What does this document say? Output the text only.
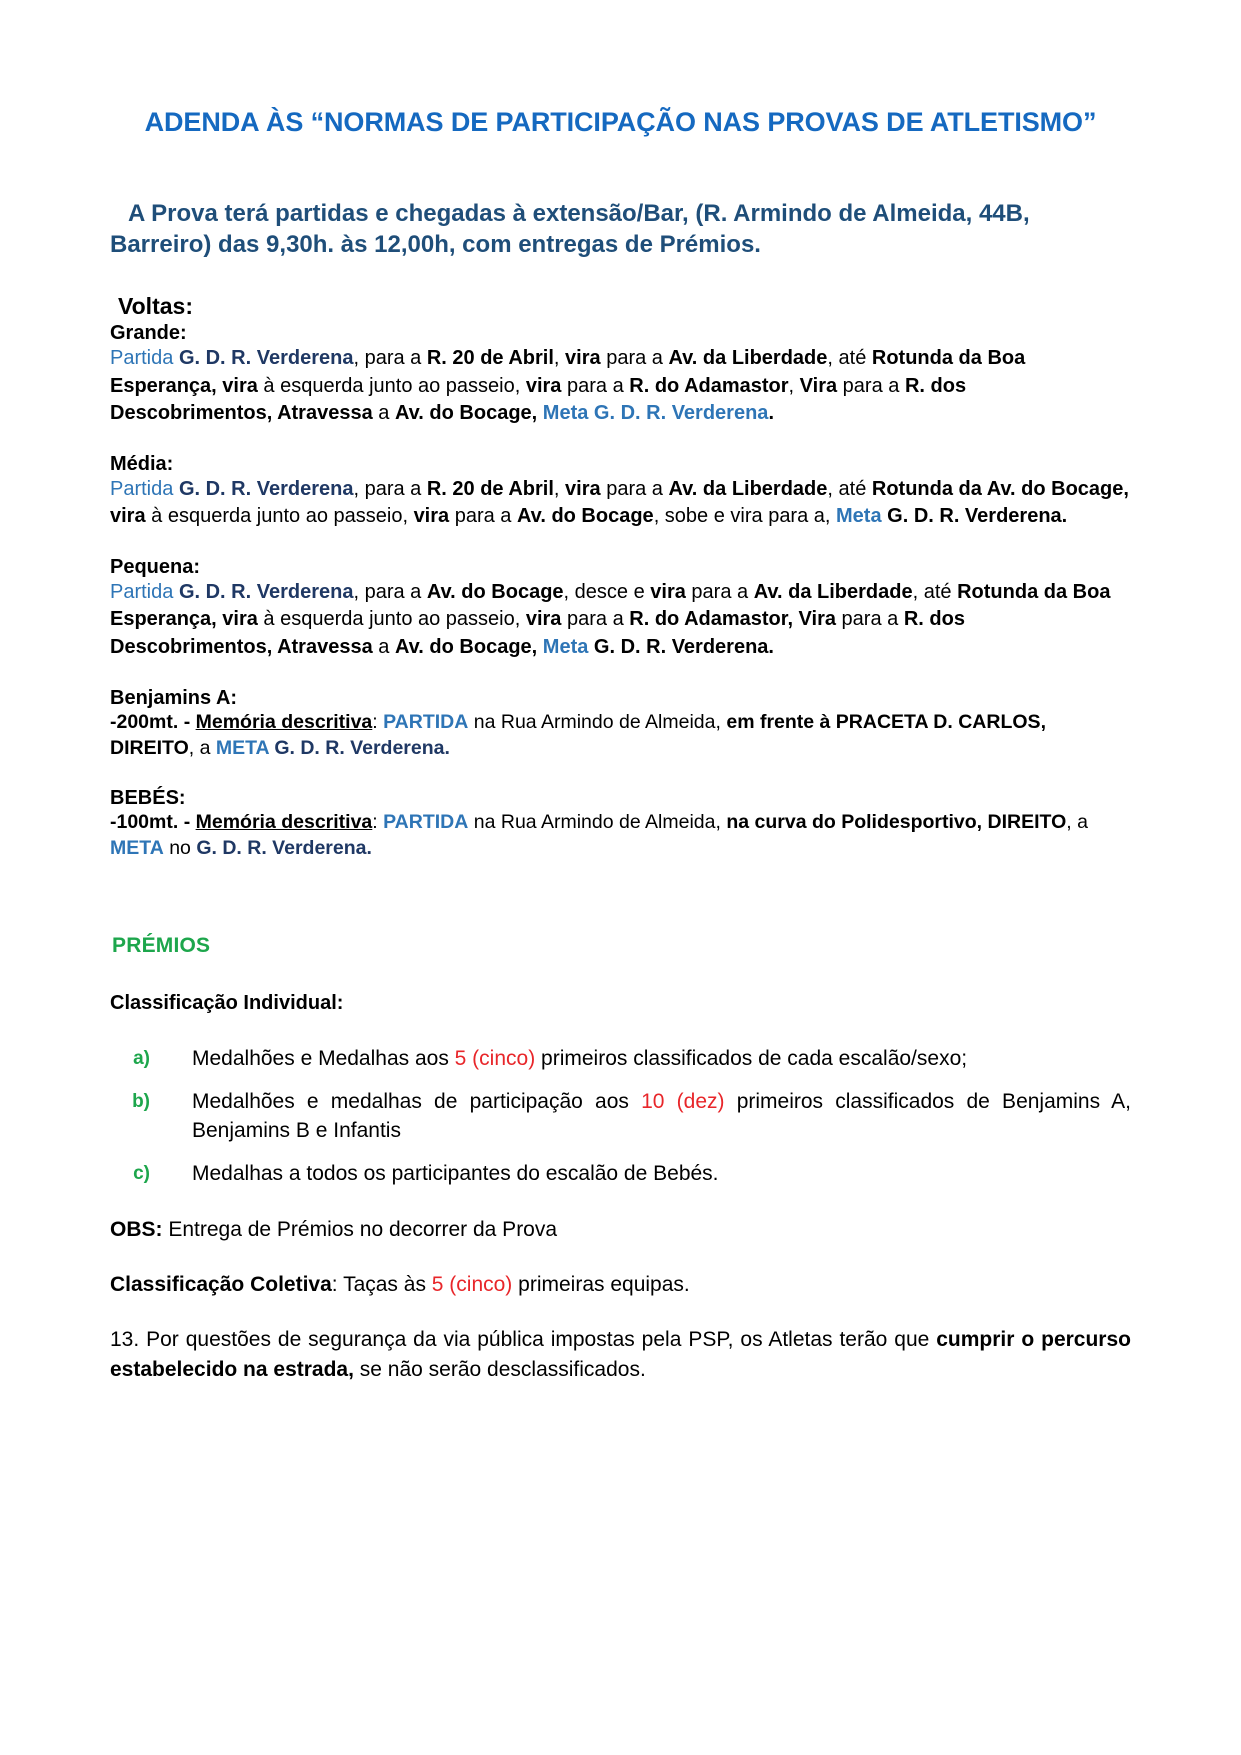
ADENDA ÀS “NORMAS DE PARTICIPAÇÃO NAS PROVAS DE ATLETISMO”

A Prova terá partidas e chegadas à extensão/Bar, (R. Armindo de Almeida, 44B, Barreiro) das 9,30h. às 12,00h, com entregas de Prémios.

Voltas:
Grande:

Partida G. D. R. Verderena, para a R. 20 de Abril, vira para a Av. da Liberdade, até Rotunda da Boa Esperança, vira à esquerda junto ao passeio, vira para a R. do Adamastor, Vira para a R. dos Descobrimentos, Atravessa a Av. do Bocage, Meta G. D. R. Verderena.

Média:

Partida G. D. R. Verderena, para a R. 20 de Abril, vira para a Av. da Liberdade, até Rotunda da Av. do Bocage, vira à esquerda junto ao passeio, vira para a Av. do Bocage, sobe e vira para a, Meta G. D. R. Verderena.

Pequena:

Partida G. D. R. Verderena, para a Av. do Bocage, desce e vira para a Av. da Liberdade, até Rotunda da Boa Esperança, vira à esquerda junto ao passeio, vira para a R. do Adamastor, Vira para a R. dos Descobrimentos, Atravessa a Av. do Bocage, Meta G. D. R. Verderena.

Benjamins A:

-200mt. - Memória descritiva: PARTIDA na Rua Armindo de Almeida, em frente à PRACETA D. CARLOS, DIREITO, a META G. D. R. Verderena.

BEBÉS:

-100mt. - Memória descritiva: PARTIDA na Rua Armindo de Almeida, na curva do Polidesportivo, DIREITO, a META no G. D. R. Verderena.

PRÉMIOS
Classificação Individual:
a) Medalhões e Medalhas aos 5 (cinco) primeiros classificados de cada escalão/sexo;
b) Medalhões e medalhas de participação aos 10 (dez) primeiros classificados de Benjamins A, Benjamins B e Infantis
c) Medalhas a todos os participantes do escalão de Bebés.

OBS: Entrega de Prémios no decorrer da Prova

Classificação Coletiva: Taças às 5 (cinco) primeiras equipas.

13. Por questões de segurança da via pública impostas pela PSP, os Atletas terão que cumprir o percurso estabelecido na estrada, se não serão desclassificados.
